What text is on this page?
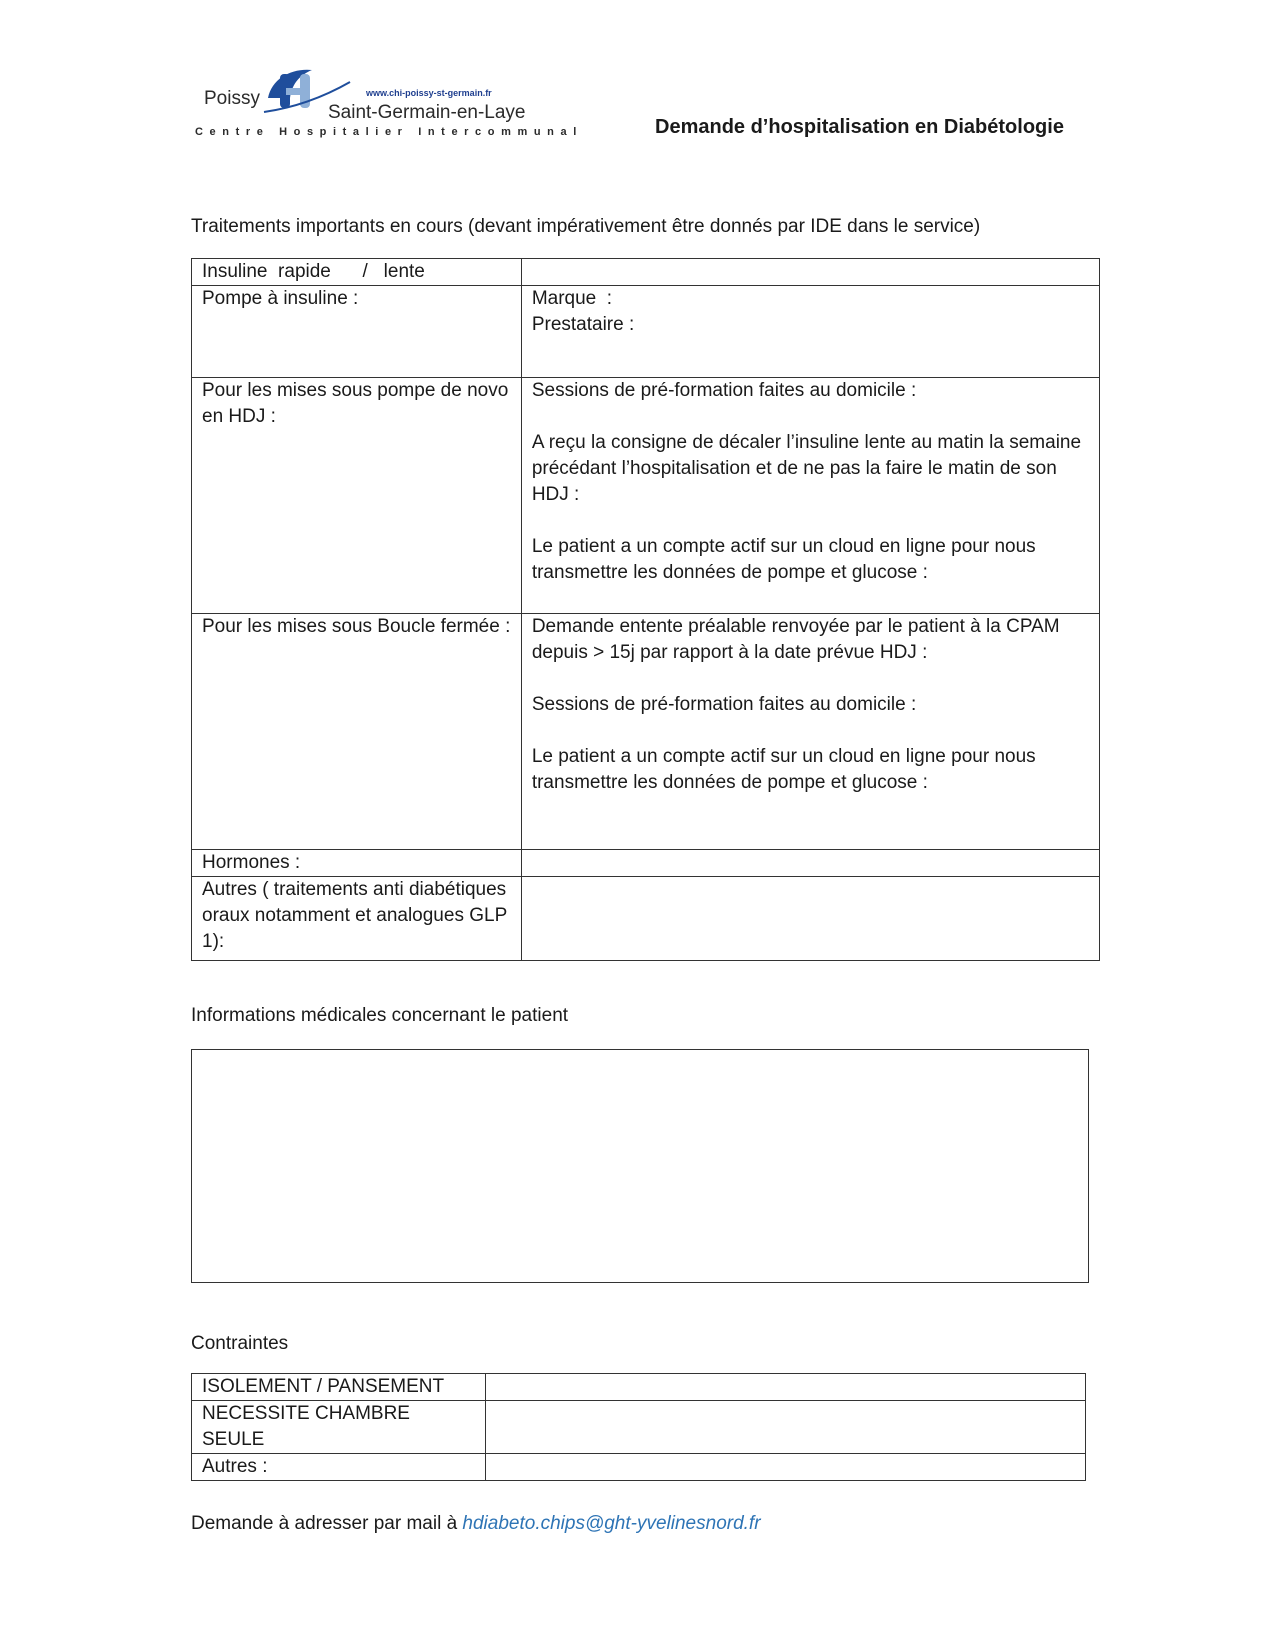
Poissy	www.chi-poissy-st-germain.fr
Saint-Germain-en-Laye
Centre Hospitalier Intercommunal	Demande d’hospitalisation en Diabétologie
Traitements importants en cours (devant impérativement être donnés par IDE dans le service)
Insuline  rapide      /   lente	
Pompe à insuline :	Marque  :
Prestataire :

Pour les mises sous pompe de novo en HDJ :	Sessions de pré-formation faites au domicile :

A reçu la consigne de décaler l’insuline lente au matin la semaine précédant l’hospitalisation et de ne pas la faire le matin de son HDJ :

Le patient a un compte actif sur un cloud en ligne pour nous transmettre les données de pompe et glucose :

Pour les mises sous Boucle fermée :	Demande entente préalable renvoyée par le patient à la CPAM depuis > 15j par rapport à la date prévue HDJ :

Sessions de pré-formation faites au domicile :

Le patient a un compte actif sur un cloud en ligne pour nous transmettre les données de pompe et glucose :

Hormones :	
Autres ( traitements anti diabétiques oraux notamment et analogues GLP 1):	
Informations médicales concernant le patient
Contraintes
ISOLEMENT / PANSEMENT	
NECESSITE CHAMBRE SEULE	
Autres :	
Demande à adresser par mail à hdiabeto.chips@ght-yvelinesnord.fr
